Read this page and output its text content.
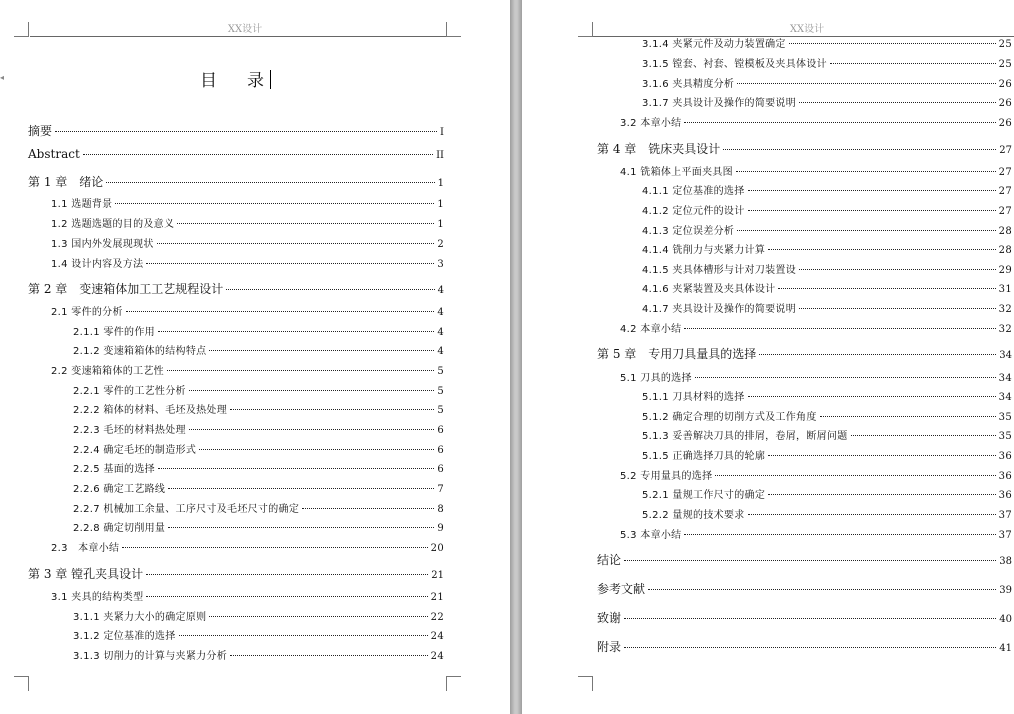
XX设计
◂	目 录
摘要	I
Abstract	II
第 1 章　绪论	1
1.1 选题背景	1
1.2 选题选题的目的及意义	1
1.3 国内外发展现现状	2
1.4 设计内容及方法	3
第 2 章　变速箱体加工工艺规程设计	4
2.1 零件的分析	4
2.1.1 零件的作用	4
2.1.2 变速箱箱体的结构特点	4
2.2 变速箱箱体的工艺性	5
2.2.1 零件的工艺性分析	5
2.2.2 箱体的材料、毛坯及热处理	5
2.2.3 毛坯的材料热处理	6
2.2.4 确定毛坯的制造形式	6
2.2.5 基面的选择	6
2.2.6 确定工艺路线	7
2.2.7 机械加工余量、工序尺寸及毛坯尺寸的确定	8
2.2.8 确定切削用量	9
2.3　本章小结	20
第 3 章 镗孔夹具设计	21
3.1 夹具的结构类型	21
3.1.1 夹紧力大小的确定原则	22
3.1.2 定位基准的选择	24
3.1.3 切削力的计算与夹紧力分析	24
XX设计
3.1.4 夹紧元件及动力装置确定	25
3.1.5 镗套、衬套、镗模板及夹具体设计	25
3.1.6 夹具精度分析	26
3.1.7 夹具设计及操作的简要说明	26
3.2 本章小结	26
第 4 章　铣床夹具设计	27
4.1 铣箱体上平面夹具图	27
4.1.1 定位基准的选择	27
4.1.2 定位元件的设计	27
4.1.3 定位误差分析	28
4.1.4 铣削力与夹紧力计算	28
4.1.5 夹具体槽形与计对刀装置设	29
4.1.6 夹紧装置及夹具体设计	31
4.1.7 夹具设计及操作的简要说明	32
4.2 本章小结	32
第 5 章　专用刀具量具的选择	34
5.1 刀具的选择	34
5.1.1 刀具材料的选择	34
5.1.2 确定合理的切削方式及工作角度	35
5.1.3 妥善解决刀具的排屑，卷屑，断屑问题	35
5.1.5 正确选择刀具的轮廓	36
5.2 专用量具的选择	36
5.2.1 量规工作尺寸的确定	36
5.2.2 量规的技术要求	37
5.3 本章小结	37
结论	38
参考文献	39
致谢	40
附录	41
